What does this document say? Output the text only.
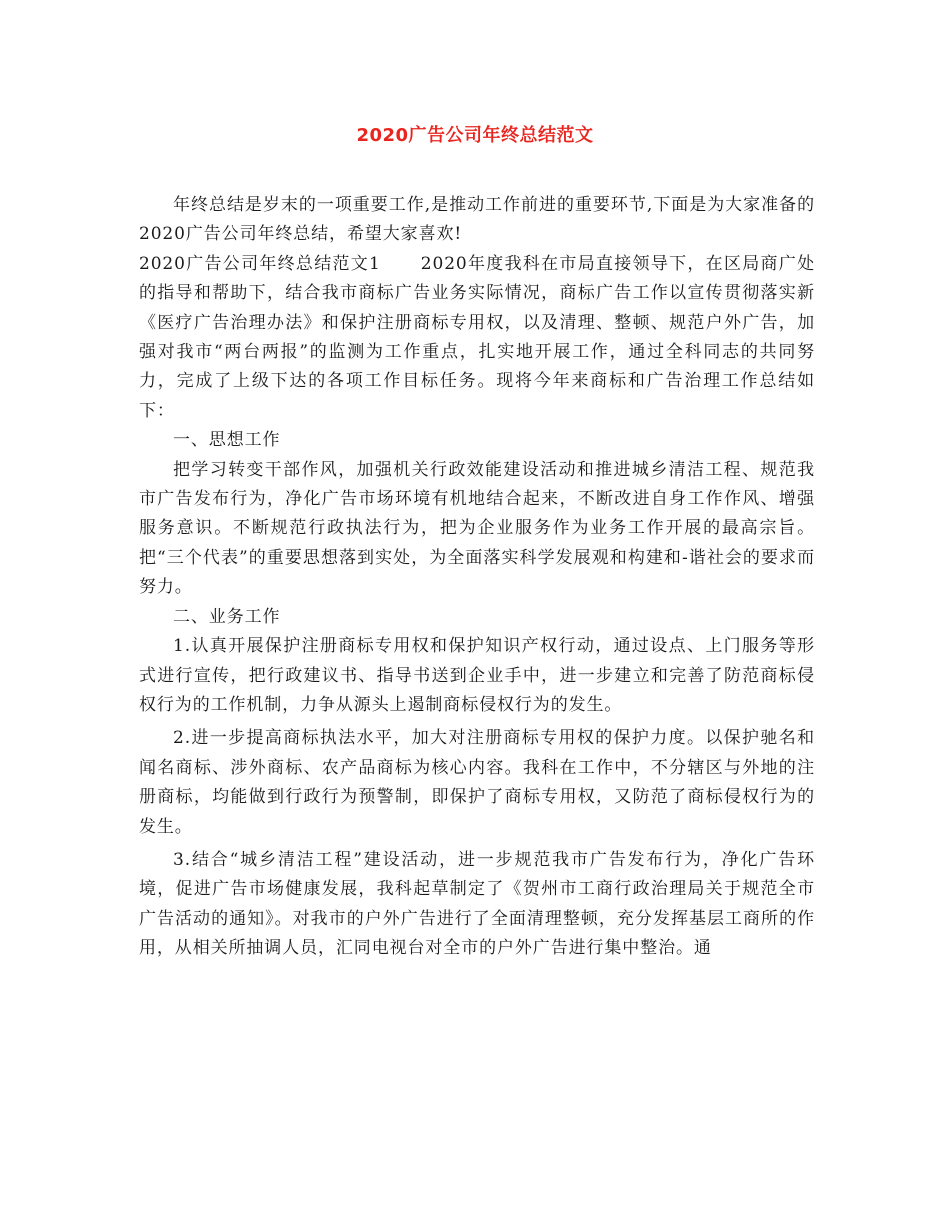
2020广告公司年终总结范文

年终总结是岁末的一项重要工作,是推动工作前进的重要环节,下面是为大家准备的2020广告公司年终总结，希望大家喜欢!

2020广告公司年终总结范文1 2020年度我科在市局直接领导下，在区局商广处的指导和帮助下，结合我市商标广告业务实际情况，商标广告工作以宣传贯彻落实新《医疗广告治理办法》和保护注册商标专用权，以及清理、整顿、规范户外广告，加强对我市“两台两报”的监测为工作重点，扎实地开展工作，通过全科同志的共同努力，完成了上级下达的各项工作目标任务。现将今年来商标和广告治理工作总结如下：

一、思想工作

把学习转变干部作风，加强机关行政效能建设活动和推进城乡清洁工程、规范我市广告发布行为，净化广告市场环境有机地结合起来，不断改进自身工作作风、增强服务意识。不断规范行政执法行为，把为企业服务作为业务工作开展的最高宗旨。把“三个代表”的重要思想落到实处，为全面落实科学发展观和构建和-谐社会的要求而努力。

二、业务工作

1.认真开展保护注册商标专用权和保护知识产权行动，通过设点、上门服务等形式进行宣传，把行政建议书、指导书送到企业手中，进一步建立和完善了防范商标侵权行为的工作机制，力争从源头上遏制商标侵权行为的发生。

2.进一步提高商标执法水平，加大对注册商标专用权的保护力度。以保护驰名和闻名商标、涉外商标、农产品商标为核心内容。我科在工作中，不分辖区与外地的注册商标，均能做到行政行为预警制，即保护了商标专用权，又防范了商标侵权行为的发生。

3.结合“城乡清洁工程”建设活动，进一步规范我市广告发布行为，净化广告环境，促进广告市场健康发展，我科起草制定了《贺州市工商行政治理局关于规范全市广告活动的通知》。对我市的户外广告进行了全面清理整顿，充分发挥基层工商所的作用，从相关所抽调人员，汇同电视台对全市的户外广告进行集中整治。通
